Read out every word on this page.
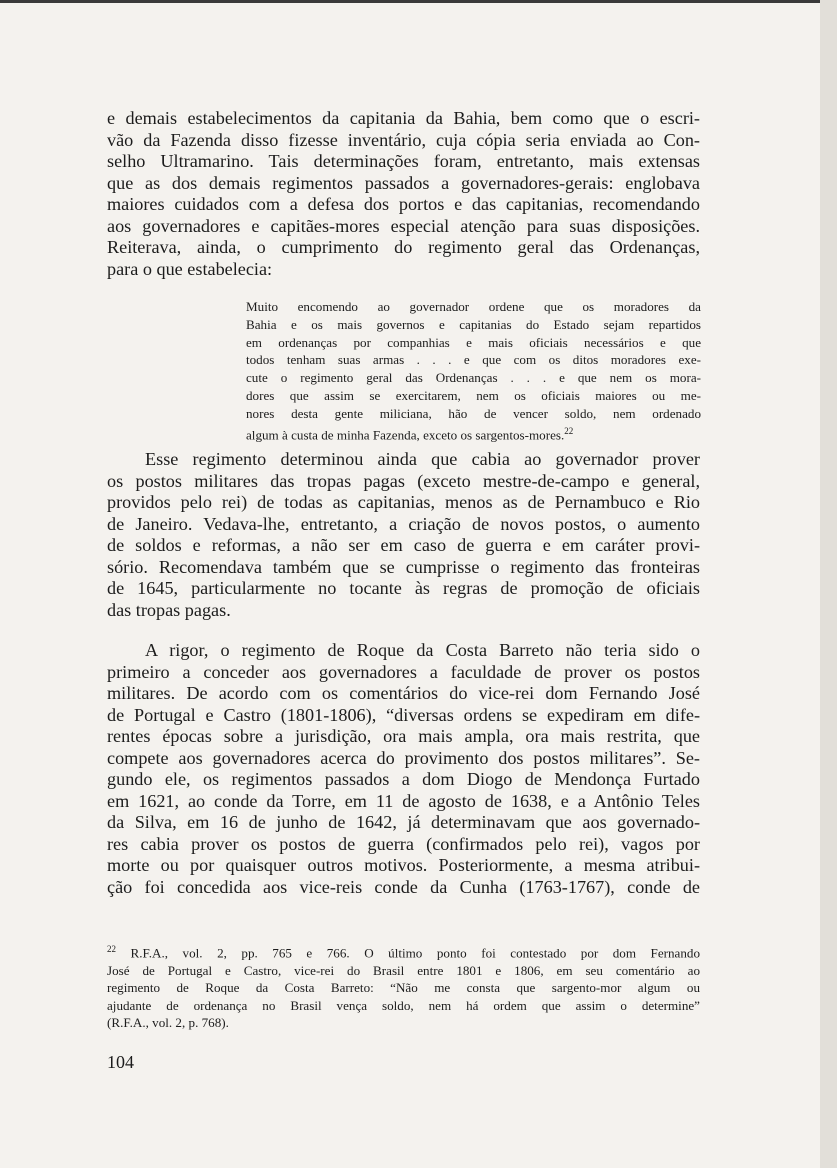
e demais estabelecimentos da capitania da Bahia, bem como que o escri-
vão da Fazenda disso fizesse inventário, cuja cópia seria enviada ao Con-
selho Ultramarino. Tais determinações foram, entretanto, mais extensas
que as dos demais regimentos passados a governadores-gerais: englobava
maiores cuidados com a defesa dos portos e das capitanias, recomendando
aos governadores e capitães-mores especial atenção para suas disposições.
Reiterava, ainda, o cumprimento do regimento geral das Ordenanças,
para o que estabelecia:

Muito encomendo ao governador ordene que os moradores da
Bahia e os mais governos e capitanias do Estado sejam repartidos
em ordenanças por companhias e mais oficiais necessários e que
todos tenham suas armas . . . e que com os ditos moradores exe-
cute o regimento geral das Ordenanças . . . e que nem os mora-
dores que assim se exercitarem, nem os oficiais maiores ou me-
nores desta gente miliciana, hão de vencer soldo, nem ordenado
algum à custa de minha Fazenda, exceto os sargentos-mores.$^{22}$

Esse regimento determinou ainda que cabia ao governador prover
os postos militares das tropas pagas (exceto mestre-de-campo e general,
providos pelo rei) de todas as capitanias, menos as de Pernambuco e Rio
de Janeiro. Vedava-lhe, entretanto, a criação de novos postos, o aumento
de soldos e reformas, a não ser em caso de guerra e em caráter provi-
sório. Recomendava também que se cumprisse o regimento das fronteiras
de 1645, particularmente no tocante às regras de promoção de oficiais
das tropas pagas.

A rigor, o regimento de Roque da Costa Barreto não teria sido o
primeiro a conceder aos governadores a faculdade de prover os postos
militares. De acordo com os comentários do vice-rei dom Fernando José
de Portugal e Castro (1801-1806), “diversas ordens se expediram em dife-
rentes épocas sobre a jurisdição, ora mais ampla, ora mais restrita, que
compete aos governadores acerca do provimento dos postos militares”. Se-
gundo ele, os regimentos passados a dom Diogo de Mendonça Furtado
em 1621, ao conde da Torre, em 11 de agosto de 1638, e a Antônio Teles
da Silva, em 16 de junho de 1642, já determinavam que aos governado-
res cabia prover os postos de guerra (confirmados pelo rei), vagos por
morte ou por quaisquer outros motivos. Posteriormente, a mesma atribui-
ção foi concedida aos vice-reis conde da Cunha (1763-1767), conde de

$^{22}$ R.F.A., vol. 2, pp. 765 e 766. O último ponto foi contestado por dom Fernando
José de Portugal e Castro, vice-rei do Brasil entre 1801 e 1806, em seu comentário ao
regimento de Roque da Costa Barreto: “Não me consta que sargento-mor algum ou
ajudante de ordenança no Brasil vença soldo, nem há ordem que assim o determine”
(R.F.A., vol. 2, p. 768).

104
